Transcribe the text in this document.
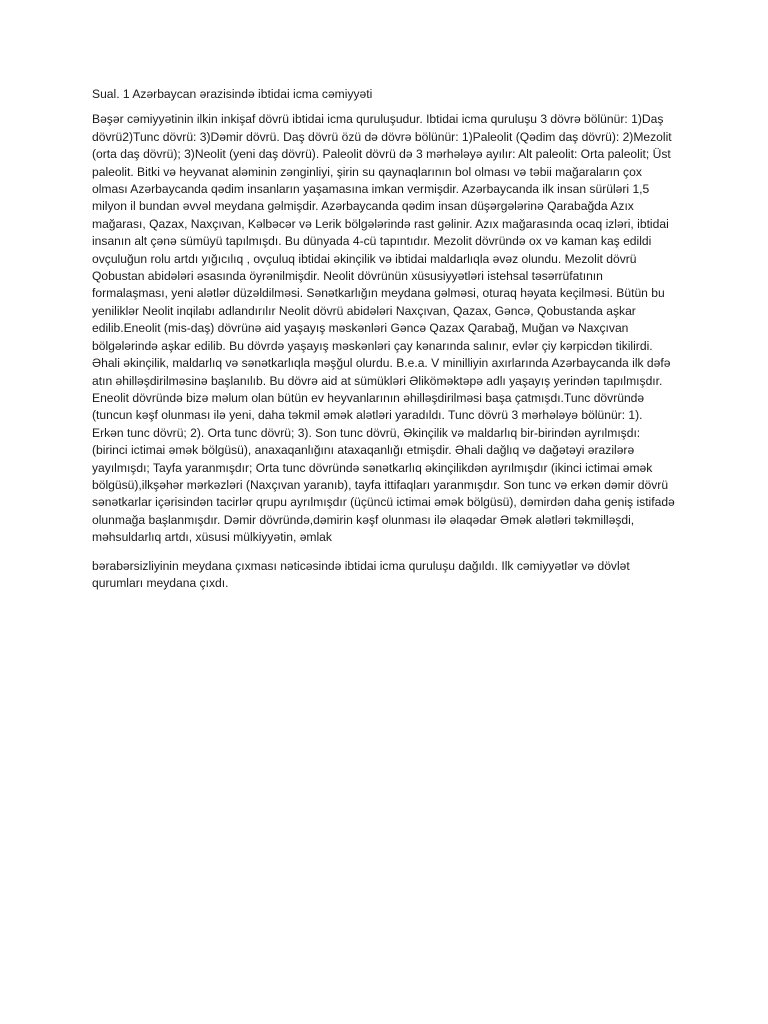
Sual. 1 Azərbaycan ərazisində ibtidai icma cəmiyyəti

Bəşər cəmiyyətinin ilkin inkişaf dövrü ibtidai icma quruluşudur. Ibtidai icma quruluşu 3 dövrə bölünür: 1)Daş dövrü2)Tunc dövrü: 3)Dəmir dövrü. Daş dövrü özü də dövrə bölünür: 1)Paleolit (Qədim daş dövrü): 2)Mezolit (orta daş dövrü); 3)Neolit (yeni daş dövrü). Paleolit dövrü də 3 mərhələyə ayılır: Alt paleolit: Orta paleolit; Üst paleolit. Bitki və heyvanat aləminin zənginliyi, şirin su qaynaqlarının bol olması və təbii mağaraların çox olması Azərbaycanda qədim insanların yaşamasına imkan vermişdir. Azərbaycanda ilk insan sürüləri 1,5 milyon il bundan əvvəl meydana gəlmişdir. Azərbaycanda qədim insan düşərgələrinə Qarabağda Azıx mağarası, Qazax, Naxçıvan, Kəlbəcər və Lerik bölgələrində rast gəlinir. Azıx mağarasında ocaq izləri, ibtidai insanın alt çənə sümüyü tapılmışdı. Bu dünyada 4-cü tapıntıdır. Mezolit dövründə ox və kaman kaş edildi ovçuluğun rolu artdı yığıcılıq , ovçuluq ibtidai əkinçilik və ibtidai maldarlıqla əvəz olundu. Mezolit dövrü Qobustan abidələri əsasında öyrənilmişdir. Neolit dövrünün xüsusiyyətləri istehsal təsərrüfatının formalaşması, yeni alətlər düzəldilməsi. Sənətkarlığın meydana gəlməsi, oturaq həyata keçilməsi. Bütün bu yeniliklər Neolit inqilabı adlandırılır Neolit dövrü abidələri Naxçıvan, Qazax, Gəncə, Qobustanda aşkar edilib.Eneolit (mis-daş) dövrünə aid yaşayış məskənləri Gəncə Qazax Qarabağ, Muğan və Naxçıvan bölgələrində aşkar edilib. Bu dövrdə yaşayış məskənləri çay kənarında salınır, evlər çiy kərpicdən tikilirdi. Əhali əkinçilik, maldarlıq və sənətkarlıqla məşğul olurdu. B.e.a. V minilliyin axırlarında Azərbaycanda ilk dəfə atın əhilləşdirilməsinə başlanılıb. Bu dövrə aid at sümükləri Əliköməktəpə adlı yaşayış yerindən tapılmışdır. Eneolit dövründə bizə məlum olan bütün ev heyvanlarının əhilləşdirilməsi başa çatmışdı.Tunc dövründə (tuncun kəşf olunması ilə yeni, daha təkmil əmək alətləri yaradıldı. Tunc dövrü 3 mərhələyə bölünür: 1). Erkən tunc dövrü; 2). Orta tunc dövrü; 3). Son tunc dövrü, Əkinçilik və maldarlıq bir-birindən ayrılmışdı: (birinci ictimai əmək bölgüsü), anaxaqanlığını ataxaqanlığı etmişdir. Əhali dağlıq və dağətəyi ərazilərə yayılmışdı; Tayfa yaranmışdır; Orta tunc dövründə sənətkarlıq əkinçilikdən ayrılmışdır (ikinci ictimai əmək bölgüsü),ilkşəhər mərkəzləri (Naxçıvan yaranıb), tayfa ittifaqları yaranmışdır. Son tunc və erkən dəmir dövrü sənətkarlar içərisindən tacirlər qrupu ayrılmışdır (üçüncü ictimai əmək bölgüsü), dəmirdən daha geniş istifadə olunmağa başlanmışdır. Dəmir dövründə,dəmirin kəşf olunması ilə əlaqədar Əmək alətləri təkmilləşdi, məhsuldarlıq artdı, xüsusi mülkiyyətin, əmlak

bərabərsizliyinin meydana çıxması nəticəsində ibtidai icma quruluşu dağıldı. Ilk cəmiyyətlər və dövlət qurumları meydana çıxdı.
